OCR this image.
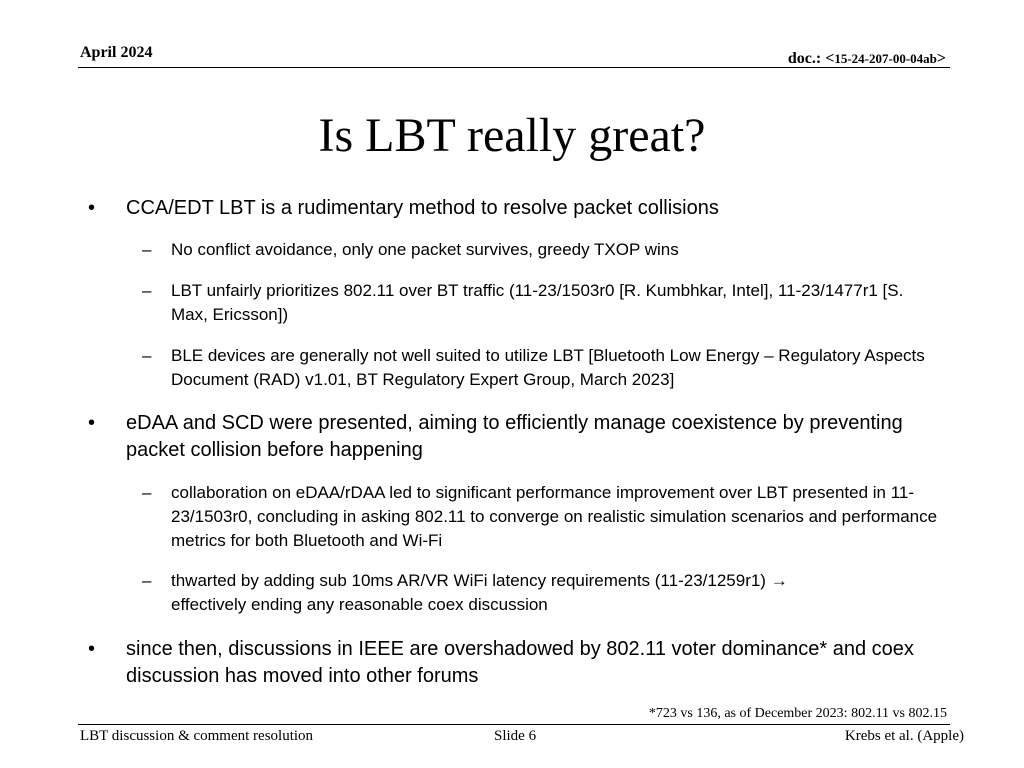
April 2024	doc.: <15-24-207-00-04ab>
Is LBT really great?
• CCA/EDT LBT is a rudimentary method to resolve packet collisions
– No conflict avoidance, only one packet survives, greedy TXOP wins
– LBT unfairly prioritizes 802.11 over BT traffic (11-23/1503r0 [R. Kumbhkar, Intel], 11-23/1477r1 [S. Max, Ericsson])
– BLE devices are generally not well suited to utilize LBT [Bluetooth Low Energy – Regulatory Aspects Document (RAD) v1.01, BT Regulatory Expert Group, March 2023]
• eDAA and SCD were presented, aiming to efficiently manage coexistence by preventing packet collision before happening
– collaboration on eDAA/rDAA led to significant performance improvement over LBT presented in 11-23/1503r0, concluding in asking 802.11 to converge on realistic simulation scenarios and performance metrics for both Bluetooth and Wi-Fi
– thwarted by adding sub 10ms AR/VR WiFi latency requirements (11-23/1259r1) →
effectively ending any reasonable coex discussion
• since then, discussions in IEEE are overshadowed by 802.11 voter dominance* and coex discussion has moved into other forums
*723 vs 136, as of December 2023: 802.11 vs 802.15
LBT discussion & comment resolution	Slide 6	Krebs et al. (Apple)
